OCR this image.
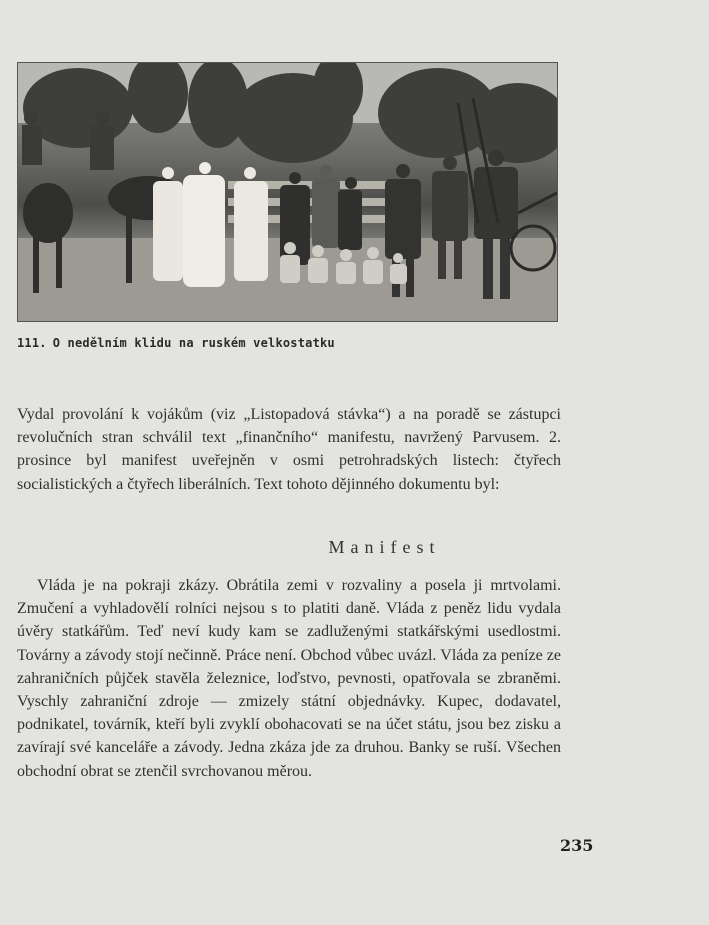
111. O nedělním klidu na ruském velkostatku
Vydal provolání k vojákům (viz „Listopadová stávka“) a na poradě se zástupci revolučních stran schválil text „finančního“ manifestu, navržený Parvusem. 2. prosince byl manifest uveřejněn v osmi petrohradských listech: čtyřech socialistických a čtyřech liberálních. Text tohoto dějinného dokumentu byl:
Manifest
Vláda je na pokraji zkázy. Obrátila zemi v rozvaliny a posela ji mrtvolami. Zmučení a vyhladovělí rolníci nejsou s to platiti daně. Vláda z peněz lidu vydala úvěry statkářům. Teď neví kudy kam se zadluženými statkářskými usedlostmi. Továrny a závody stojí nečinně. Práce není. Obchod vůbec uvázl. Vláda za peníze ze zahraničních půjček stavěla železnice, loďstvo, pevnosti, opatřovala se zbraněmi. Vyschly zahraniční zdroje — zmizely státní objednávky. Kupec, dodavatel, podnikatel, továrník, kteří byli zvyklí obohacovati se na účet státu, jsou bez zisku a zavírají své kanceláře a závody. Jedna zkáza jde za druhou. Banky se ruší. Všechen obchodní obrat se ztenčil svrchovanou měrou.
235
